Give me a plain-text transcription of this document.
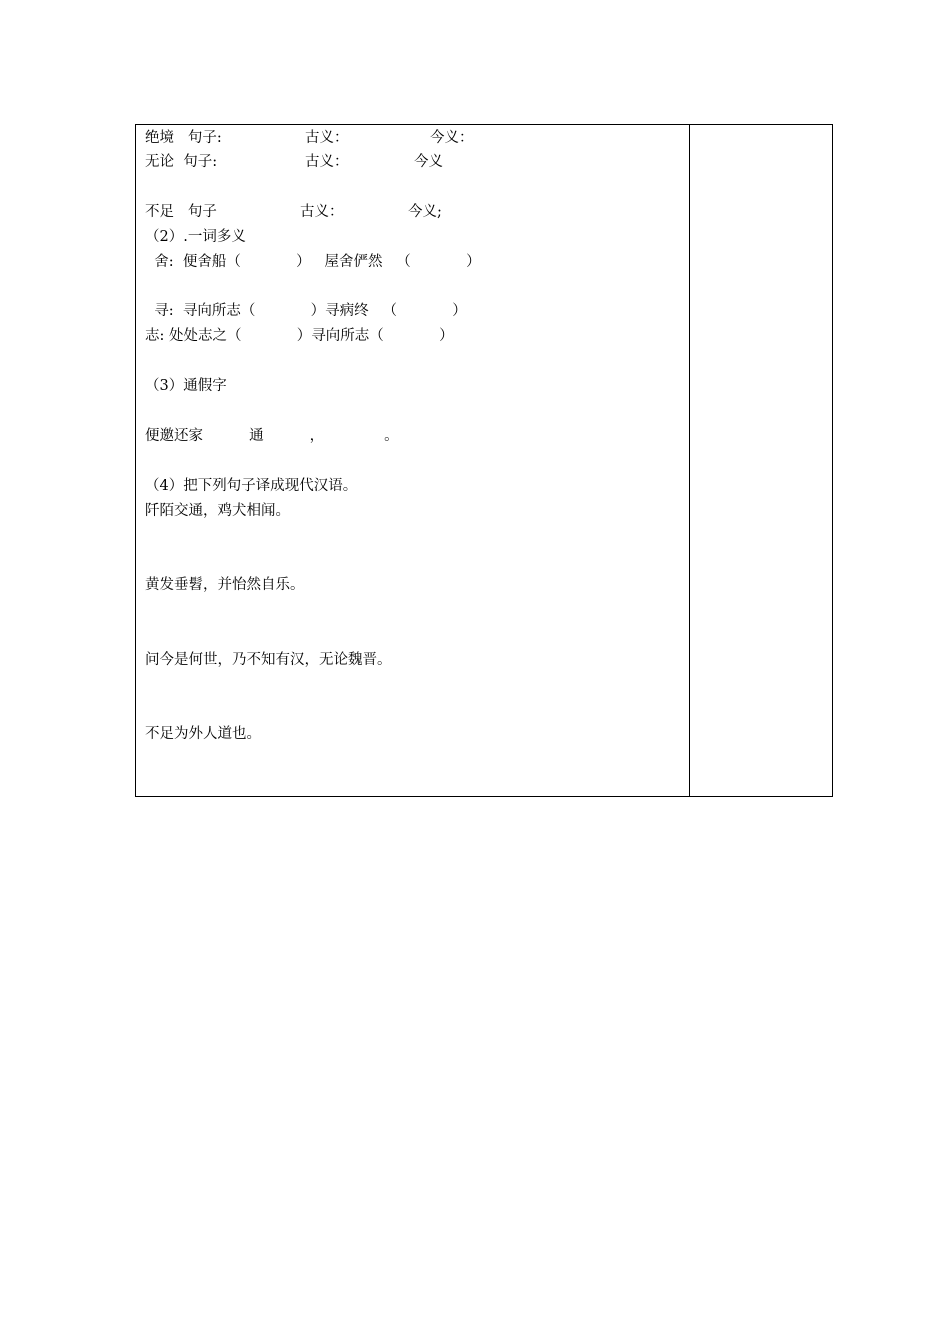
绝境   句子:	古义：	今义：
无论  句子:	古义：	今义
不足   句子	古义：	今义;
（2）.一词多义
舍:  便舍船（            ）   屋舍俨然   （            ）
寻:  寻向所志（            ）寻病终   （            ）
志: 处处志之（            ）寻向所志（            ）
（3）通假字
便邀还家          通          ，             。
（4）把下列句子译成现代汉语。
阡陌交通，鸡犬相闻。
黄发垂髫，并怡然自乐。
问今是何世，乃不知有汉，无论魏晋。
不足为外人道也。
